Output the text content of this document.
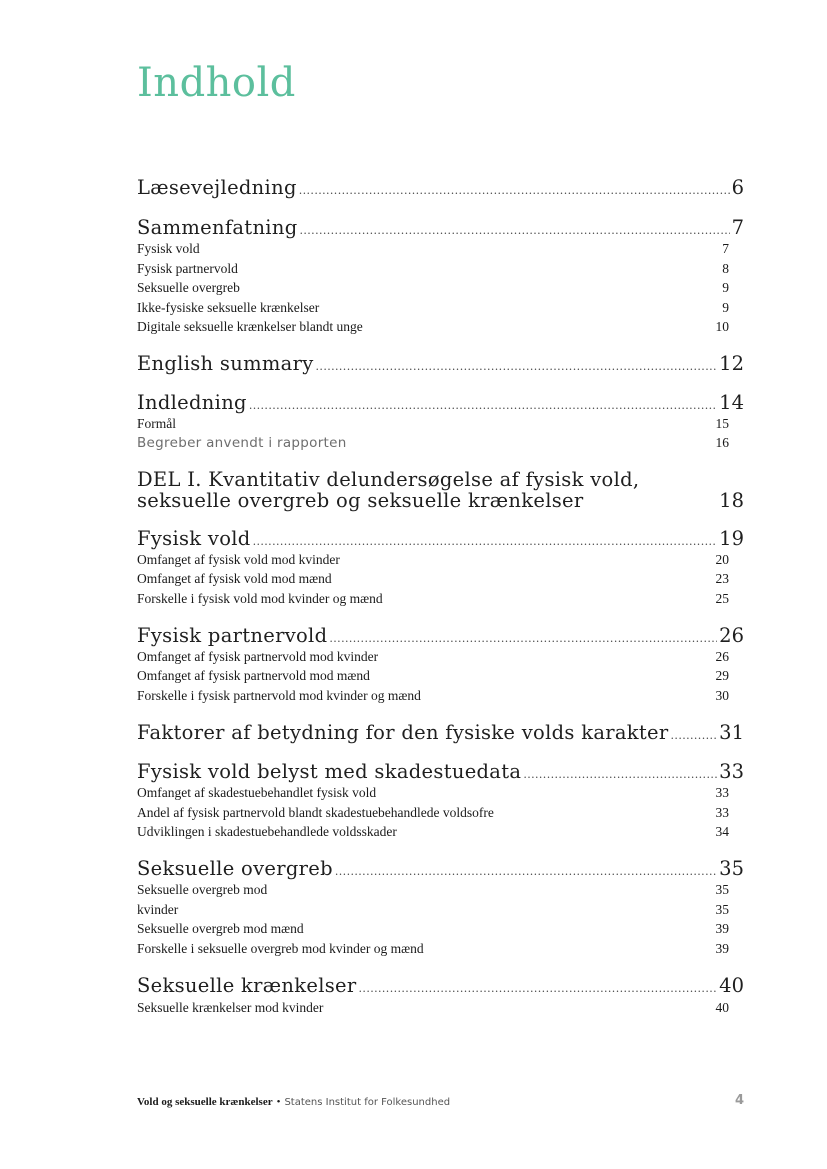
Indhold
Læsevejledning .....	6
Sammenfatning .....	7
Fysisk vold	7
Fysisk partnervold	8
Seksuelle overgreb	9
Ikke-fysiske seksuelle krænkelser	9
Digitale seksuelle krænkelser blandt unge	10
English summary .....	12
Indledning .....	14
Formål	15
Begreber anvendt i rapporten	16
DEL I. Kvantitativ delundersøgelse af fysisk vold,
seksuelle overgreb og seksuelle krænkelser	18
Fysisk vold .....	19
Omfanget af fysisk vold mod kvinder	20
Omfanget af fysisk vold mod mænd	23
Forskelle i fysisk vold mod kvinder og mænd	25
Fysisk partnervold .....	26
Omfanget af fysisk partnervold mod kvinder	26
Omfanget af fysisk partnervold mod mænd	29
Forskelle i fysisk partnervold mod kvinder og mænd	30
Faktorer af betydning for den fysiske volds karakter .....	31
Fysisk vold belyst med skadestuedata .....	33
Omfanget af skadestuebehandlet fysisk vold	33
Andel af fysisk partnervold blandt skadestuebehandlede voldsofre	33
Udviklingen i skadestuebehandlede voldsskader	34
Seksuelle overgreb .....	35
Seksuelle overgreb mod	35
kvinder	35
Seksuelle overgreb mod mænd	39
Forskelle i seksuelle overgreb mod kvinder og mænd	39
Seksuelle krænkelser .....	40
Seksuelle krænkelser mod kvinder	40
Vold og seksuelle krænkelser • Statens Institut for Folkesundhed	4
